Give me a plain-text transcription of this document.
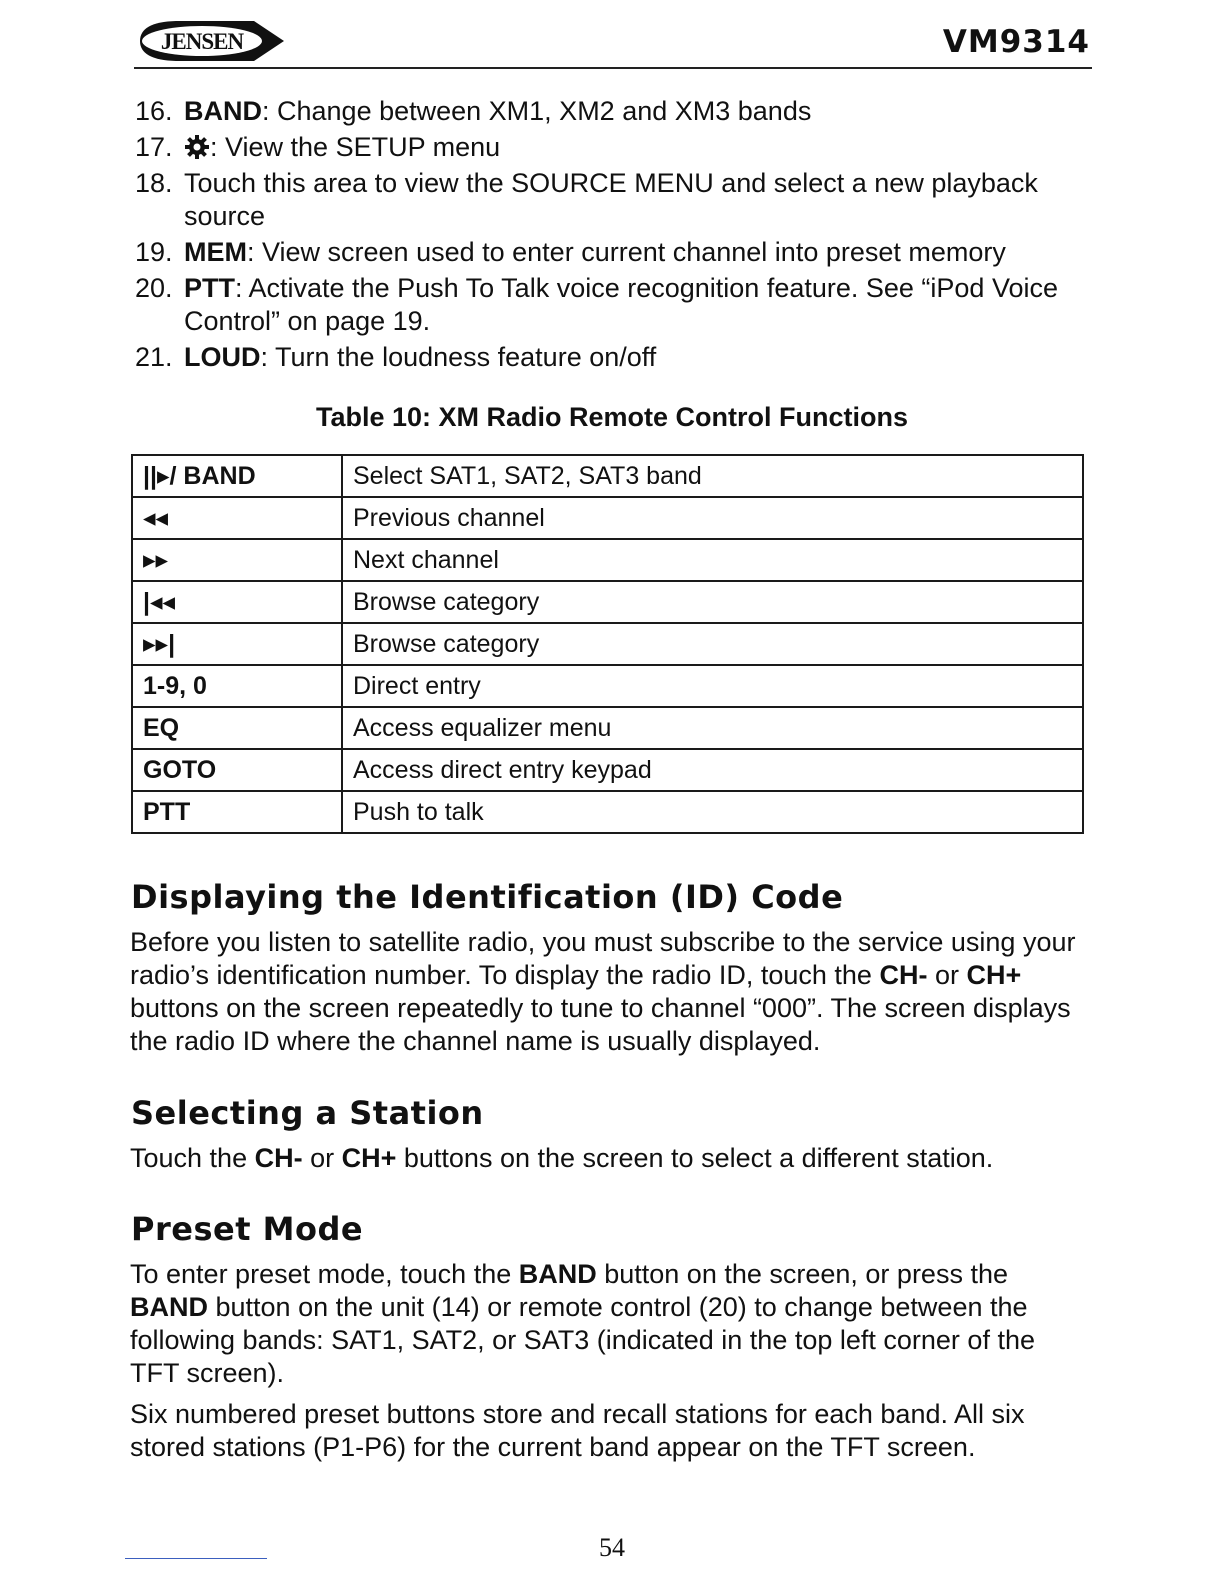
JENSEN	VM9314
16. BAND: Change between XM1, XM2 and XM3 bands
17.	: View the SETUP menu
18. Touch this area to view the SOURCE MENU and select a new playback source
19. MEM: View screen used to enter current channel into preset memory
20. PTT: Activate the Push To Talk voice recognition feature. See “iPod Voice Control” on page 19.
21. LOUD: Turn the loudness feature on/off
Table 10: XM Radio Remote Control Functions
||▸/ BAND	Select SAT1, SAT2, SAT3 band
◂◂	Previous channel
▸▸	Next channel
|◂◂	Browse category
▸▸|	Browse category
1-9, 0	Direct entry
EQ	Access equalizer menu
GOTO	Access direct entry keypad
PTT	Push to talk
Displaying the Identification (ID) Code
Before you listen to satellite radio, you must subscribe to the service using your radio’s identification number. To display the radio ID, touch the CH- or CH+ buttons on the screen repeatedly to tune to channel “000”. The screen displays the radio ID where the channel name is usually displayed.
Selecting a Station
Touch the CH- or CH+ buttons on the screen to select a different station.
Preset Mode
To enter preset mode, touch the BAND button on the screen, or press the BAND button on the unit (14) or remote control (20) to change between the following bands: SAT1, SAT2, or SAT3 (indicated in the top left corner of the TFT screen).
Six numbered preset buttons store and recall stations for each band. All six stored stations (P1-P6) for the current band appear on the TFT screen.
54
